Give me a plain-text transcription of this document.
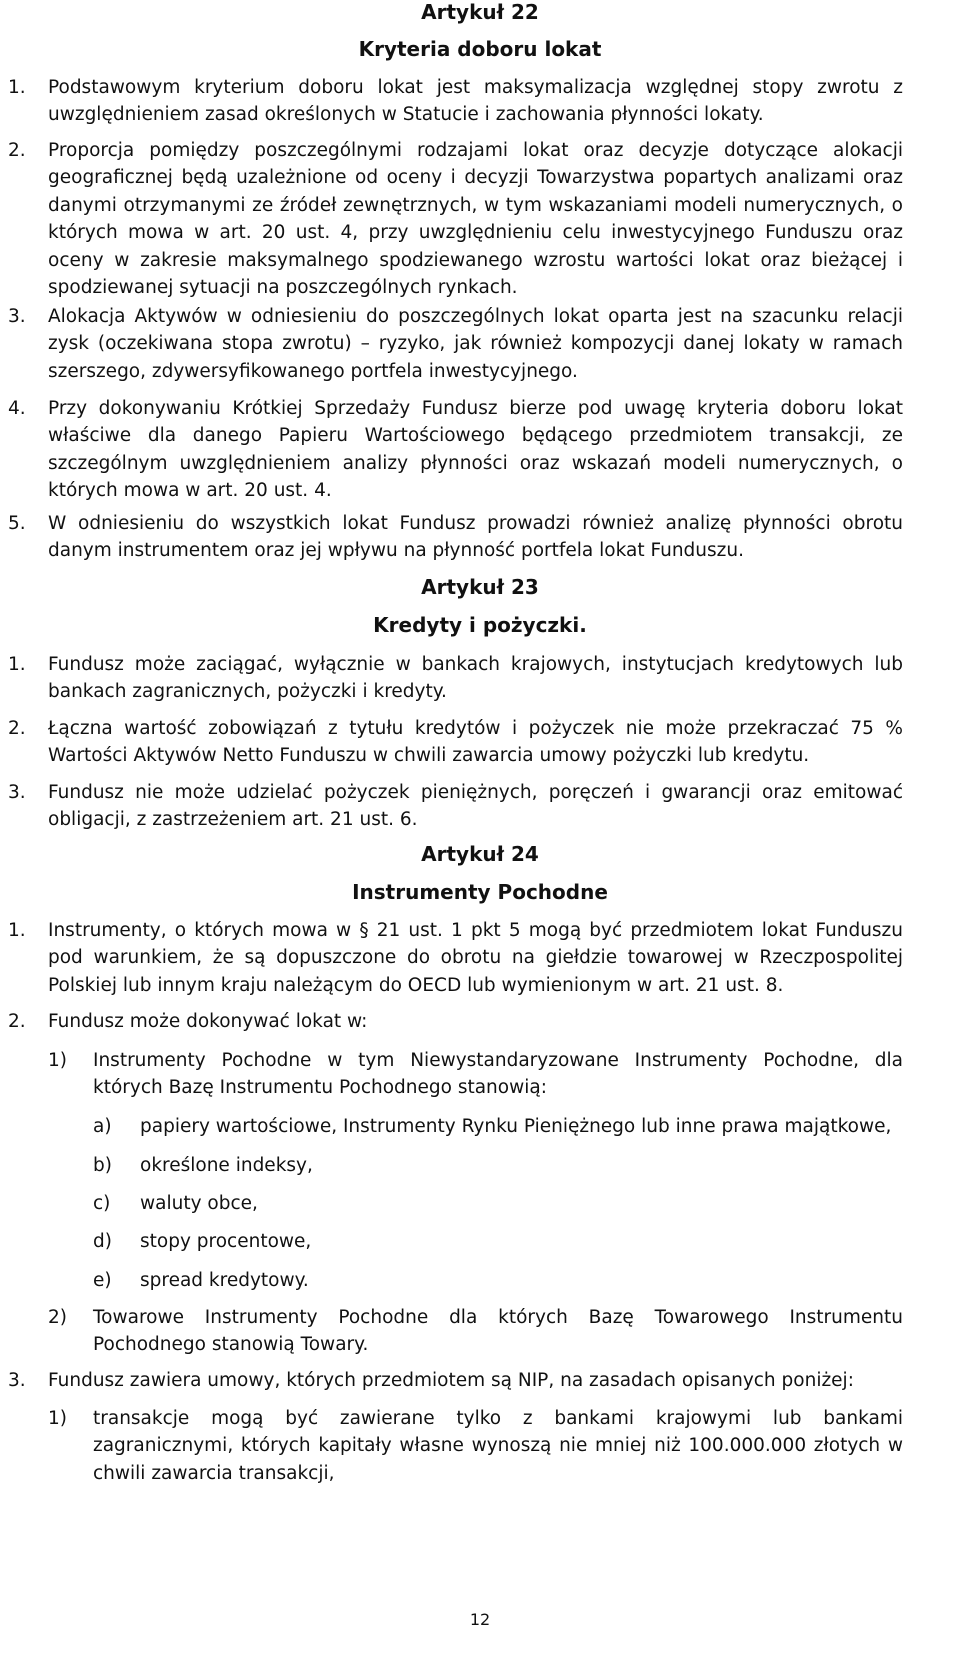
Artykuł 22
Kryteria doboru lokat
1. Podstawowym kryterium doboru lokat jest maksymalizacja względnej stopy zwrotu z uwzględnieniem zasad określonych w Statucie i zachowania płynności lokaty.

2. Proporcja pomiędzy poszczególnymi rodzajami lokat oraz decyzje dotyczące alokacji geograficznej będą uzależnione od oceny i decyzji Towarzystwa popartych analizami oraz danymi otrzymanymi ze źródeł zewnętrznych, w tym wskazaniami modeli numerycznych, o których mowa w art. 20 ust. 4, przy uwzględnieniu celu inwestycyjnego Funduszu oraz oceny w zakresie maksymalnego spodziewanego wzrostu wartości lokat oraz bieżącej i spodziewanej sytuacji na poszczególnych rynkach.

3. Alokacja Aktywów w odniesieniu do poszczególnych lokat oparta jest na szacunku relacji zysk (oczekiwana stopa zwrotu) – ryzyko, jak również kompozycji danej lokaty w ramach szerszego, zdywersyfikowanego portfela inwestycyjnego.

4. Przy dokonywaniu Krótkiej Sprzedaży Fundusz bierze pod uwagę kryteria doboru lokat właściwe dla danego Papieru Wartościowego będącego przedmiotem transakcji, ze szczególnym uwzględnieniem analizy płynności oraz wskazań modeli numerycznych, o których mowa w art. 20 ust. 4.

5. W odniesieniu do wszystkich lokat Fundusz prowadzi również analizę płynności obrotu danym instrumentem oraz jej wpływu na płynność portfela lokat Funduszu.

Artykuł 23
Kredyty i pożyczki.
1. Fundusz może zaciągać, wyłącznie w bankach krajowych, instytucjach kredytowych lub bankach zagranicznych, pożyczki i kredyty.

2. Łączna wartość zobowiązań z tytułu kredytów i pożyczek nie może przekraczać 75 % Wartości Aktywów Netto Funduszu w chwili zawarcia umowy pożyczki lub kredytu.

3. Fundusz nie może udzielać pożyczek pieniężnych, poręczeń i gwarancji oraz emitować obligacji, z zastrzeżeniem art. 21 ust. 6.

Artykuł 24
Instrumenty Pochodne
1. Instrumenty, o których mowa w § 21 ust. 1 pkt 5 mogą być przedmiotem lokat Funduszu pod warunkiem, że są dopuszczone do obrotu na giełdzie towarowej w Rzeczpospolitej Polskiej lub innym kraju należącym do OECD lub wymienionym w art. 21 ust. 8.

2. Fundusz może dokonywać lokat w:

1) Instrumenty Pochodne w tym Niewystandaryzowane Instrumenty Pochodne, dla których Bazę Instrumentu Pochodnego stanowią:

a) papiery wartościowe, Instrumenty Rynku Pieniężnego lub inne prawa majątkowe,

b) określone indeksy,

c) waluty obce,

d) stopy procentowe,

e) spread kredytowy.

2) Towarowe Instrumenty Pochodne dla których Bazę Towarowego Instrumentu Pochodnego stanowią Towary.

3. Fundusz zawiera umowy, których przedmiotem są NIP, na zasadach opisanych poniżej:

1) transakcje mogą być zawierane tylko z bankami krajowymi lub bankami zagranicznymi, których kapitały własne wynoszą nie mniej niż 100.000.000 złotych w chwili zawarcia transakcji,

12
